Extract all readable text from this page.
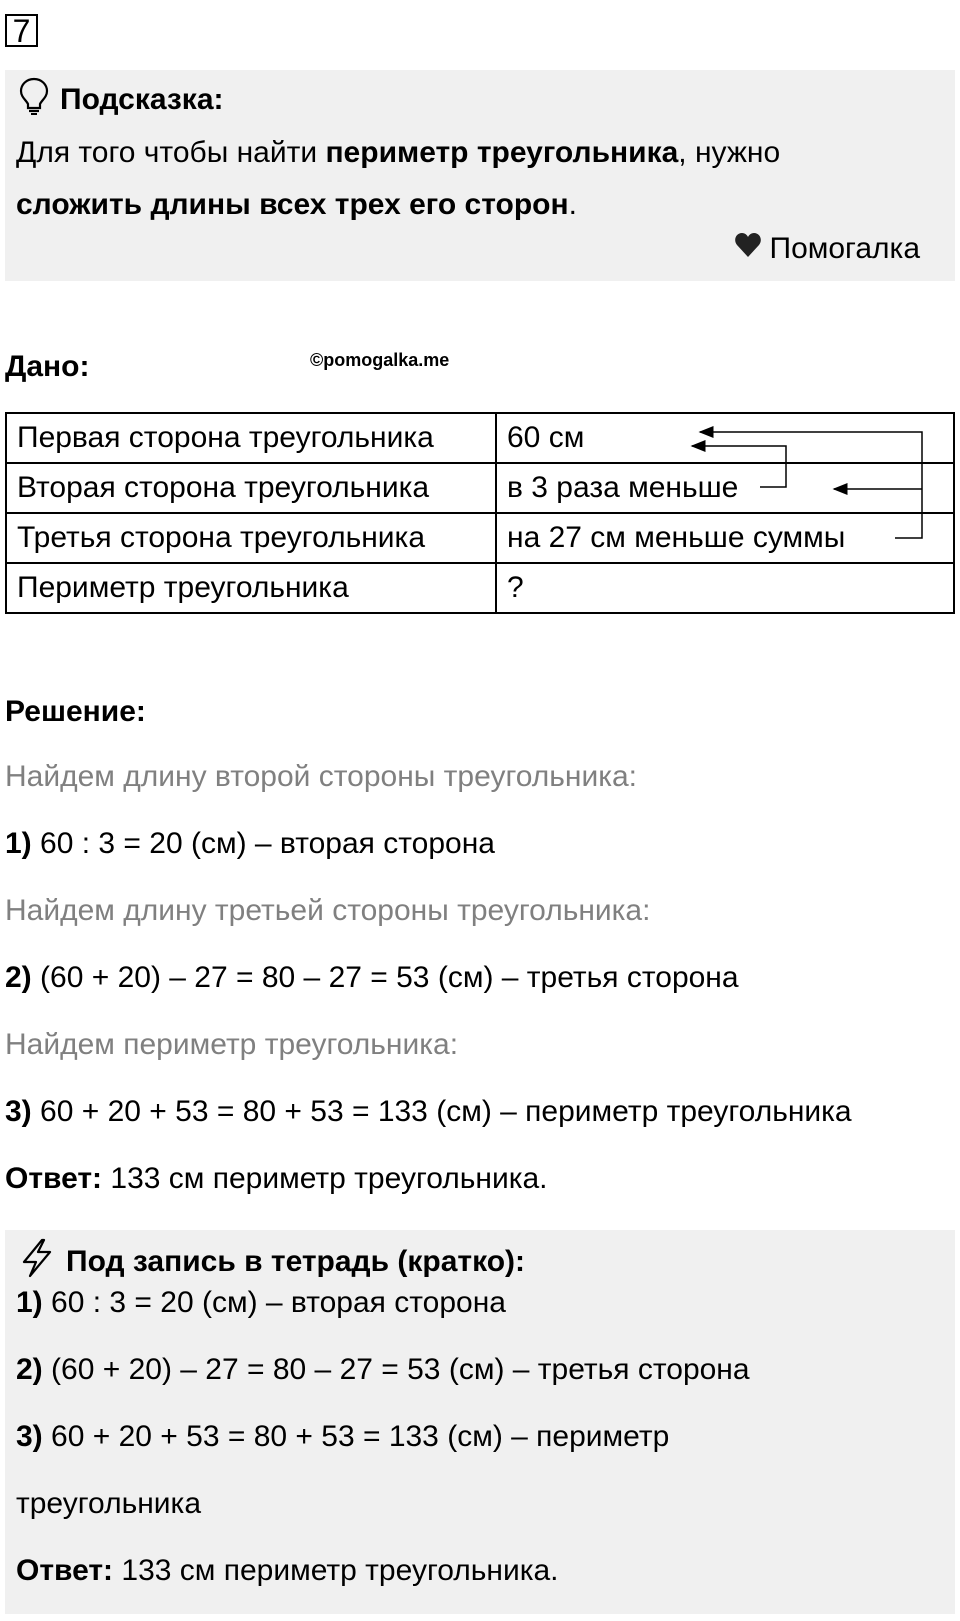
7
Подсказка:
Для того чтобы найти периметр треугольника, нужно
сложить длины всех трех его сторон.
Помогалка
Дано:	©pomogalka.me
Первая сторона треугольника	60 см
Вторая сторона треугольника	в 3 раза меньше
Третья сторона треугольника	на 27 см меньше суммы
Периметр треугольника	?
Решение:
Найдем длину второй стороны треугольника:
1) 60 : 3 = 20 (см) – вторая сторона
Найдем длину третьей стороны треугольника:
2) (60 + 20) – 27 = 80 – 27 = 53 (см) – третья сторона
Найдем периметр треугольника:
3) 60 + 20 + 53 = 80 + 53 = 133 (см) – периметр треугольника
Ответ: 133 см периметр треугольника.
Под запись в тетрадь (кратко):
1) 60 : 3 = 20 (см) – вторая сторона
2) (60 + 20) – 27 = 80 – 27 = 53 (см) – третья сторона
3) 60 + 20 + 53 = 80 + 53 = 133 (см) – периметр
треугольника
Ответ: 133 см периметр треугольника.
